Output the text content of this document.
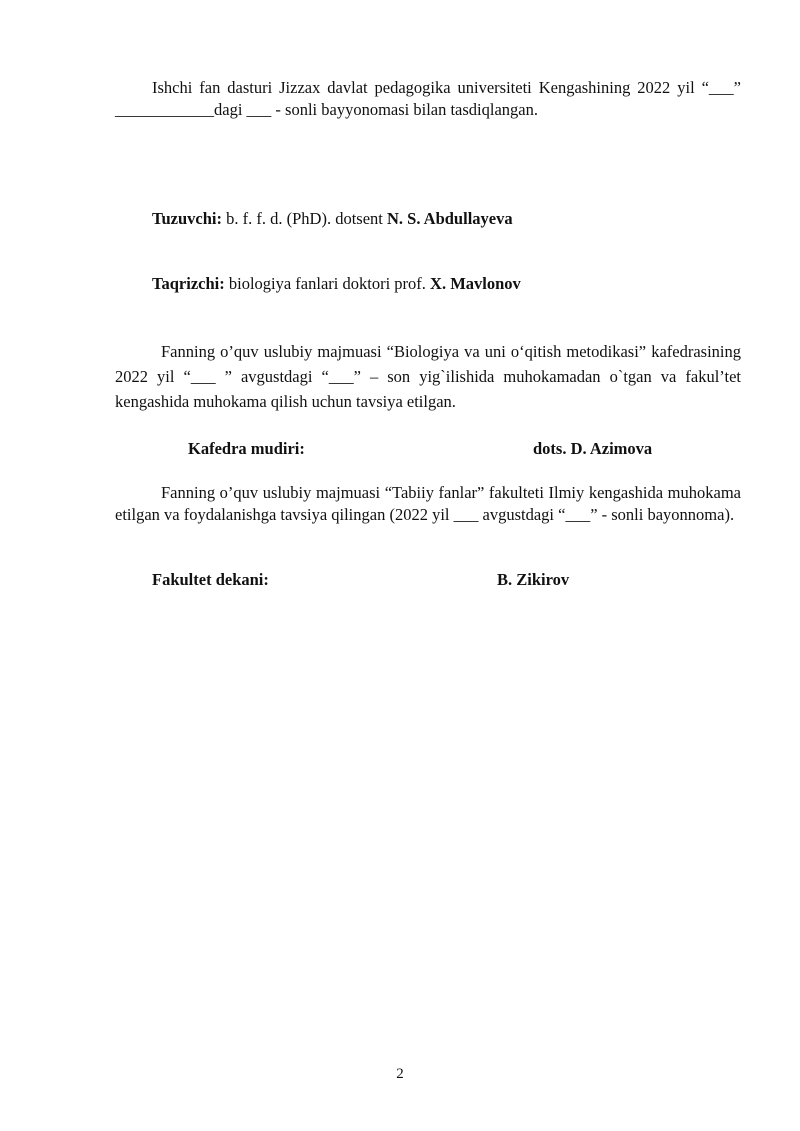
Ishchi fan dasturi Jizzax davlat pedagogika universiteti Kengashining 2022 yil “___” ____________dagi ___ - sonli bayyonomasi bilan tasdiqlangan.

Tuzuvchi: b. f. f. d. (PhD). dotsent N. S. Abdullayeva

Taqrizchi: biologiya fanlari doktori prof. X. Mavlonov

Fanning o’quv uslubiy majmuasi “Biologiya va uni o‘qitish metodikasi” kafedrasining 2022 yil “___ ” avgustdagi “___” – son yig`ilishida muhokamadan o`tgan va fakul’tet kengashida muhokama qilish uchun tavsiya etilgan.

Kafedra mudiri:	dots. D. Azimova

Fanning o’quv uslubiy majmuasi “Tabiiy fanlar” fakulteti Ilmiy kengashida muhokama etilgan va foydalanishga tavsiya qilingan (2022 yil ___ avgustdagi “___” - sonli bayonnoma).

Fakultet dekani:	B. Zikirov

2
